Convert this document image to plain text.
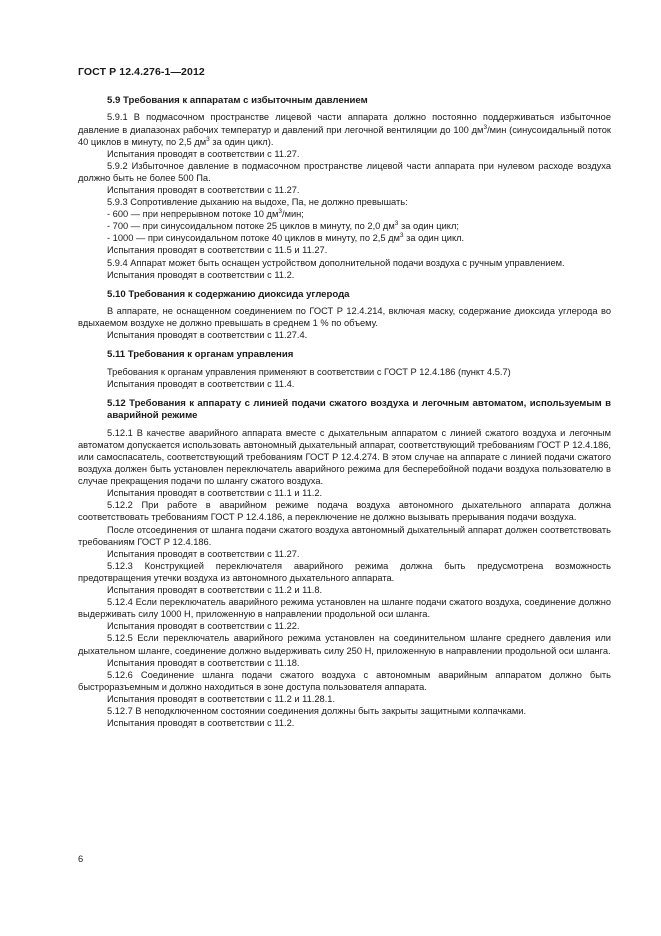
ГОСТ Р 12.4.276-1—2012
5.9 Требования к аппаратам с избыточным давлением

5.9.1 В подмасочном пространстве лицевой части аппарата должно постоянно поддерживаться избыточное давление в диапазонах рабочих температур и давлений при легочной вентиляции до 100 $дм^3$/мин (синусоидальный поток 40 циклов в минуту, по 2,5 $дм^3$ за один цикл).

Испытания проводят в соответствии с 11.27.

5.9.2 Избыточное давление в подмасочном пространстве лицевой части аппарата при нулевом расходе воздуха должно быть не более 500 Па.

Испытания проводят в соответствии с 11.27.

5.9.3 Сопротивление дыханию на выдохе, Па, не должно превышать:

- 600 — при непрерывном потоке 10 $дм^3$/мин;

- 700 — при синусоидальном потоке 25 циклов в минуту, по 2,0 $дм^3$ за один цикл;

- 1000 — при синусоидальном потоке 40 циклов в минуту, по 2,5 $дм^3$ за один цикл.

Испытания проводят в соответствии с 11.5 и 11.27.

5.9.4 Аппарат может быть оснащен устройством дополнительной подачи воздуха с ручным управлением.

Испытания проводят в соответствии с 11.2.

5.10 Требования к содержанию диоксида углерода

В аппарате, не оснащенном соединением по ГОСТ Р 12.4.214, включая маску, содержание диоксида углерода во вдыхаемом воздухе не должно превышать в среднем 1 % по объему.

Испытания проводят в соответствии с 11.27.4.

5.11 Требования к органам управления

Требования к органам управления применяют в соответствии с ГОСТ Р 12.4.186 (пункт 4.5.7)

Испытания проводят в соответствии с 11.4.

5.12 Требования к аппарату с линией подачи сжатого воздуха и легочным автоматом, используемым в аварийной режиме

5.12.1 В качестве аварийного аппарата вместе с дыхательным аппаратом с линией сжатого воздуха и легочным автоматом допускается использовать автономный дыхательный аппарат, соответствующий требованиям ГОСТ Р 12.4.186, или самоспасатель, соответствующий требованиям ГОСТ Р 12.4.274. В этом случае на аппарате с линией подачи сжатого воздуха должен быть установлен переключатель аварийного режима для бесперебойной подачи воздуха пользователю в случае прекращения подачи по шлангу сжатого воздуха.

Испытания проводят в соответствии с 11.1 и 11.2.

5.12.2 При работе в аварийном режиме подача воздуха автономного дыхательного аппарата должна соответствовать требованиям ГОСТ Р 12.4.186, а переключение не должно вызывать прерывания подачи воздуха.

После отсоединения от шланга подачи сжатого воздуха автономный дыхательный аппарат должен соответствовать требованиям ГОСТ Р 12.4.186.

Испытания проводят в соответствии с 11.27.

5.12.3 Конструкцией переключателя аварийного режима должна быть предусмотрена возможность предотвращения утечки воздуха из автономного дыхательного аппарата.

Испытания проводят в соответствии с 11.2 и 11.8.

5.12.4 Если переключатель аварийного режима установлен на шланге подачи сжатого воздуха, соединение должно выдерживать силу 1000 Н, приложенную в направлении продольной оси шланга.

Испытания проводят в соответствии с 11.22.

5.12.5 Если переключатель аварийного режима установлен на соединительном шланге среднего давления или дыхательном шланге, соединение должно выдерживать силу 250 Н, приложенную в направлении продольной оси шланга.

Испытания проводят в соответствии с 11.18.

5.12.6 Соединение шланга подачи сжатого воздуха с автономным аварийным аппаратом должно быть быстроразъемным и должно находиться в зоне доступа пользователя аппарата.

Испытания проводят в соответствии с 11.2 и 11.28.1.

5.12.7 В неподключенном состоянии соединения должны быть закрыты защитными колпачками.

Испытания проводят в соответствии с 11.2.

6
